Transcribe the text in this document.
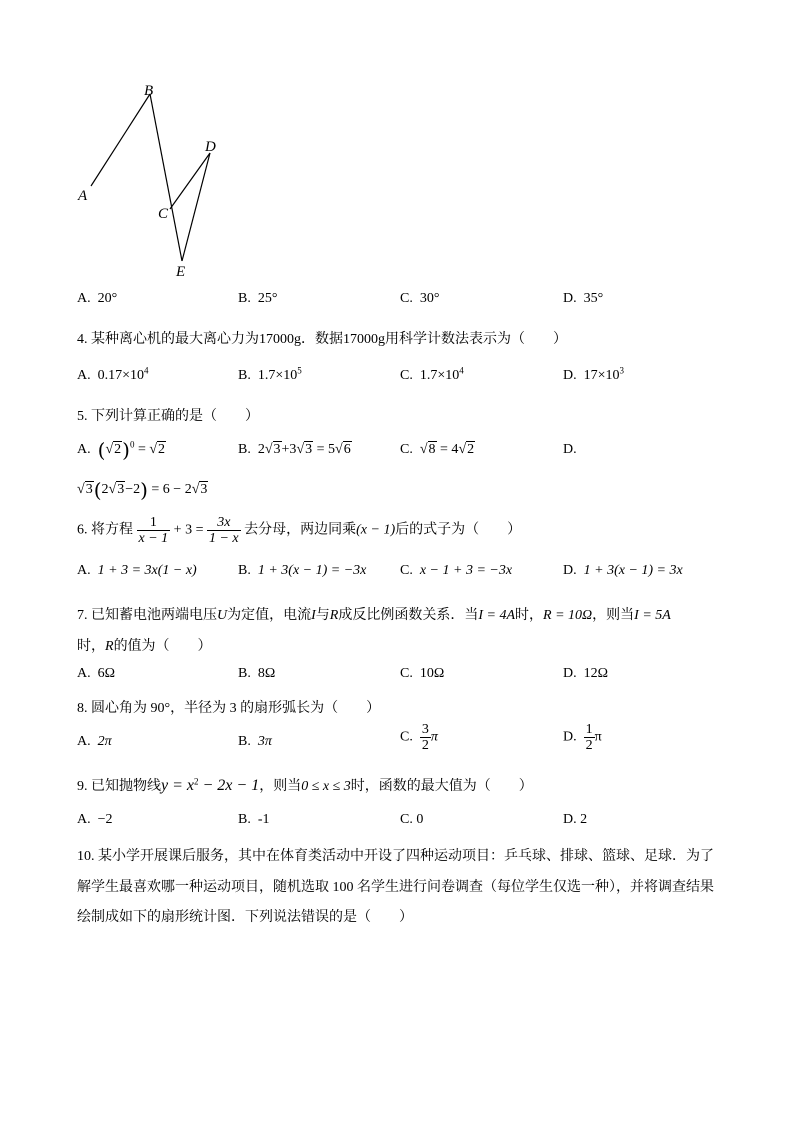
A
B
C
D
E
A. 20°	B. 25°	C. 30°	D. 35°
4. 某种离心机的最大离心力为17000g．数据17000g用科学计数法表示为（　　）
A. $0.17\times 10^4$	B. $1.7\times 10^5$	C. $1.7\times 10^4$	D. $17\times 10^3$
5. 下列计算正确的是（　　）
A. $(√2)^0 = √2$	B. 2√3+3√3 = 5√6	C. √8 = 4√2	D.
√3(2√3−2) = 6 − 2√3
6. 将方程 $\frac{1}{x - 1} + 3 = \frac{3x}{1 - x}$ 去分母，两边同乘(x − 1)后的式子为（　　）
A. 1 + 3 = 3x(1 − x)	B. 1 + 3(x − 1) = −3x C. x − 1 + 3 = −3x	D. 1 + 3(x − 1) = 3x
7. 已知蓄电池两端电压U为定值，电流I与R成反比例函数关系．当I = 4A时，R = 10Ω，则当I = 5A
时，R的值为（　　）
A. 6Ω	B. 8Ω	C. 10Ω	D. 12Ω
8. 圆心角为 90°，半径为 3 的扇形弧长为（　　）
A. 2π	B. 3π	C. $\frac{3}{2}$ π	D. $\frac{1}{2}$ π
9. 已知抛物线$y = x^2 - 2x - 1$，则当0 ≤ x ≤ 3时，函数的最大值为（　　）
A. −2	B. -1	C. 0	D. 2
10. 某小学开展课后服务，其中在体育类活动中开设了四种运动项目：乒乓球、排球、篮球、足球．为了
解学生最喜欢哪一种运动项目，随机选取 100 名学生进行问卷调查（每位学生仅选一种），并将调查结果
绘制成如下的扇形统计图．下列说法错误的是（　　）
